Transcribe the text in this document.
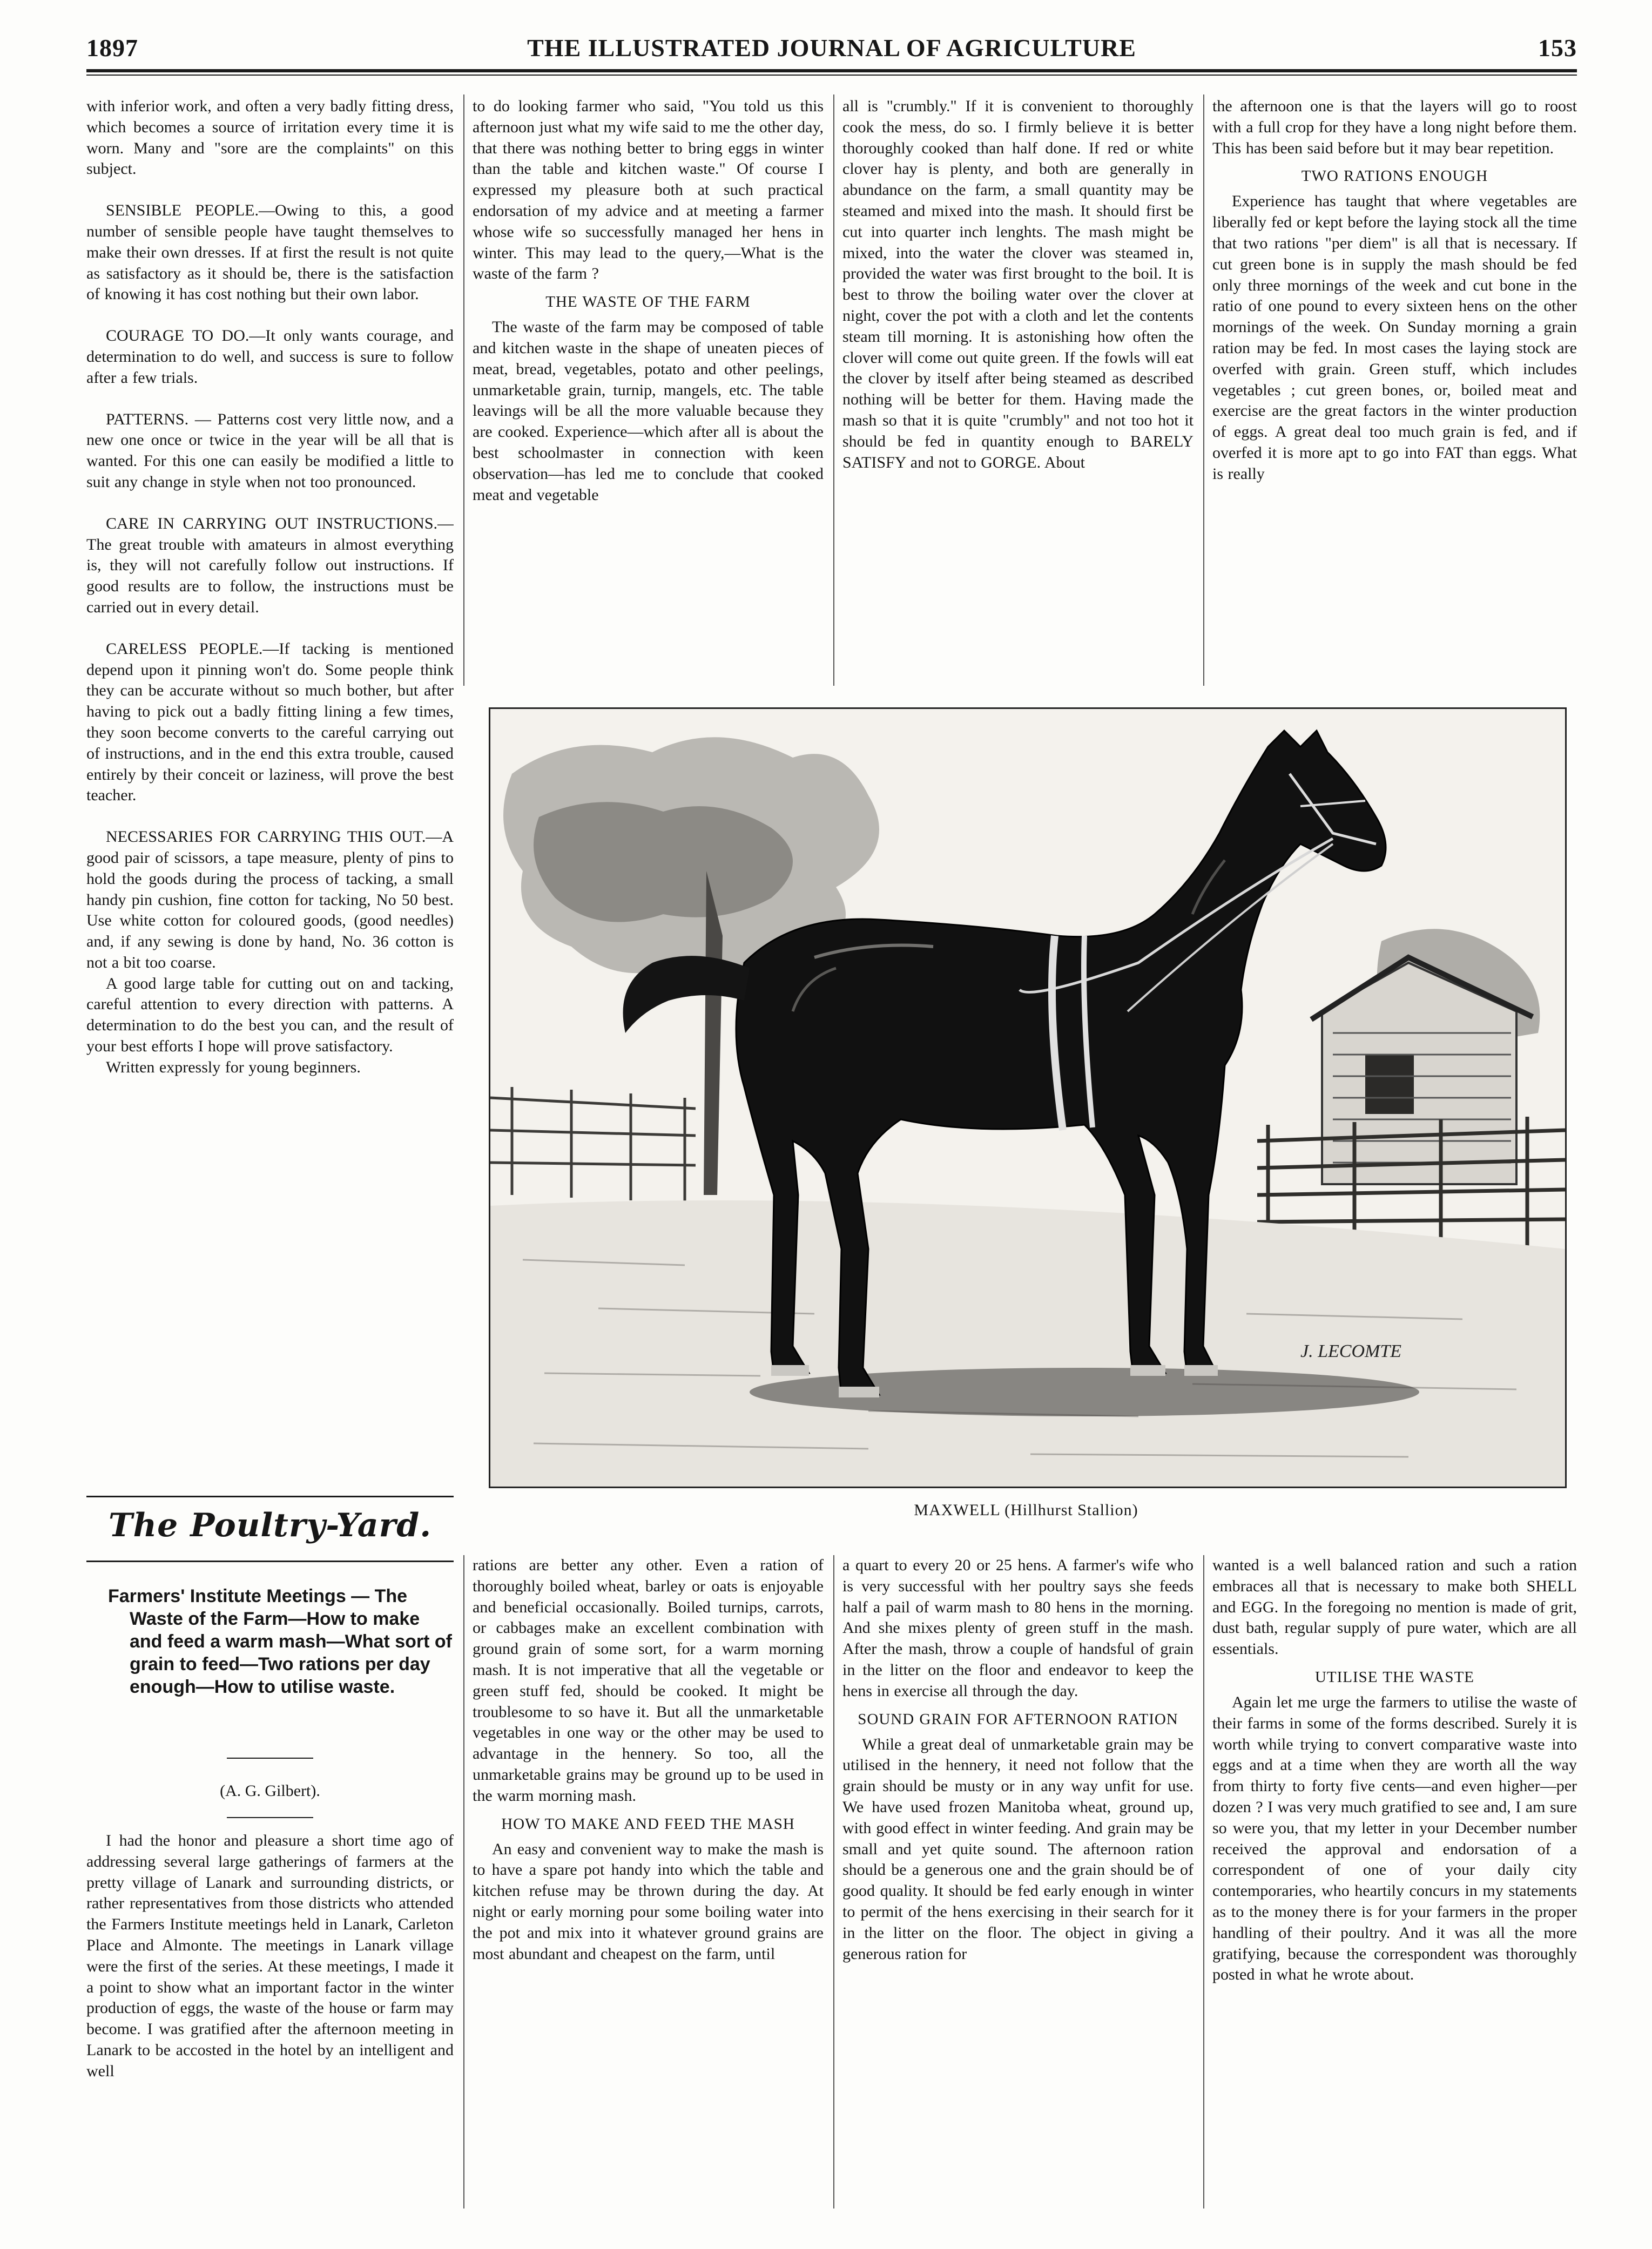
1897	THE ILLUSTRATED JOURNAL OF AGRICULTURE	153

with inferior work, and often a very badly fitting dress, which becomes a source of irritation every time it is worn. Many and "sore are the complaints" on this subject.

SENSIBLE PEOPLE.—Owing to this, a good number of sensible people have taught themselves to make their own dresses. If at first the result is not quite as satisfactory as it should be, there is the satisfaction of knowing it has cost nothing but their own labor.

COURAGE TO DO.—It only wants courage, and determination to do well, and success is sure to follow after a few trials.

PATTERNS. — Patterns cost very little now, and a new one once or twice in the year will be all that is wanted. For this one can easily be modified a little to suit any change in style when not too pronounced.

CARE IN CARRYING OUT INSTRUCTIONS.—The great trouble with amateurs in almost everything is, they will not carefully follow out instructions. If good results are to follow, the instructions must be carried out in every detail.

CARELESS PEOPLE.—If tacking is mentioned depend upon it pinning won't do. Some people think they can be accurate without so much bother, but after having to pick out a badly fitting lining a few times, they soon become converts to the careful carrying out of instructions, and in the end this extra trouble, caused entirely by their conceit or laziness, will prove the best teacher.

NECESSARIES FOR CARRYING THIS OUT.—A good pair of scissors, a tape measure, plenty of pins to hold the goods during the process of tacking, a small handy pin cushion, fine cotton for tacking, No 50 best. Use white cotton for coloured goods, (good needles) and, if any sewing is done by hand, No. 36 cotton is not a bit too coarse.

A good large table for cutting out on and tacking, careful attention to every direction with patterns. A determination to do the best you can, and the result of your best efforts I hope will prove satisfactory.

Written expressly for young beginners.

to do looking farmer who said, "You told us this afternoon just what my wife said to me the other day, that there was nothing better to bring eggs in winter than the table and kitchen waste." Of course I expressed my pleasure both at such practical endorsation of my advice and at meeting a farmer whose wife so successfully managed her hens in winter. This may lead to the query,—What is the waste of the farm ?

THE WASTE OF THE FARM

The waste of the farm may be composed of table and kitchen waste in the shape of uneaten pieces of meat, bread, vegetables, potato and other peelings, unmarketable grain, turnip, mangels, etc. The table leavings will be all the more valuable because they are cooked. Experience—which after all is about the best schoolmaster in connection with keen observation—has led me to conclude that cooked meat and vegetable

all is "crumbly." If it is convenient to thoroughly cook the mess, do so. I firmly believe it is better thoroughly cooked than half done. If red or white clover hay is plenty, and both are generally in abundance on the farm, a small quantity may be steamed and mixed into the mash. It should first be cut into quarter inch lenghts. The mash might be mixed, into the water the clover was steamed in, provided the water was first brought to the boil. It is best to throw the boiling water over the clover at night, cover the pot with a cloth and let the contents steam till morning. It is astonishing how often the clover will come out quite green. If the fowls will eat the clover by itself after being steamed as described nothing will be better for them. Having made the mash so that it is quite "crumbly" and not too hot it should be fed in quantity enough to BARELY SATISFY and not to GORGE. About

the afternoon one is that the layers will go to roost with a full crop for they have a long night before them. This has been said before but it may bear repetition.

TWO RATIONS ENOUGH

Experience has taught that where vegetables are liberally fed or kept before the laying stock all the time that two rations "per diem" is all that is necessary. If cut green bone is in supply the mash should be fed only three mornings of the week and cut bone in the ratio of one pound to every sixteen hens on the other mornings of the week. On Sunday morning a grain ration may be fed. In most cases the laying stock are overfed with grain. Green stuff, which includes vegetables ; cut green bones, or, boiled meat and exercise are the great factors in the winter production of eggs. A great deal too much grain is fed, and if overfed it is more apt to go into FAT than eggs. What is really

J. LECOMTE
MAXWELL (Hillhurst Stallion)
The Poultry-Yard.
Farmers' Institute Meetings — The Waste of the Farm—How to make and feed a warm mash—What sort of grain to feed—Two rations per day enough—How to utilise waste.
(A. G. Gilbert).

I had the honor and pleasure a short time ago of addressing several large gatherings of farmers at the pretty village of Lanark and surrounding districts, or rather representatives from those districts who attended the Farmers Institute meetings held in Lanark, Carleton Place and Almonte. The meetings in Lanark village were the first of the series. At these meetings, I made it a point to show what an important factor in the winter production of eggs, the waste of the house or farm may become. I was gratified after the afternoon meeting in Lanark to be accosted in the hotel by an intelligent and well

rations are better any other. Even a ration of thoroughly boiled wheat, barley or oats is enjoyable and beneficial occasionally. Boiled turnips, carrots, or cabbages make an excellent combination with ground grain of some sort, for a warm morning mash. It is not imperative that all the vegetable or green stuff fed, should be cooked. It might be troublesome to so have it. But all the unmarketable vegetables in one way or the other may be used to advantage in the hennery. So too, all the unmarketable grains may be ground up to be used in the warm morning mash.

HOW TO MAKE AND FEED THE MASH

An easy and convenient way to make the mash is to have a spare pot handy into which the table and kitchen refuse may be thrown during the day. At night or early morning pour some boiling water into the pot and mix into it whatever ground grains are most abundant and cheapest on the farm, until

a quart to every 20 or 25 hens. A farmer's wife who is very successful with her poultry says she feeds half a pail of warm mash to 80 hens in the morning. And she mixes plenty of green stuff in the mash. After the mash, throw a couple of handsful of grain in the litter on the floor and endeavor to keep the hens in exercise all through the day.

SOUND GRAIN FOR AFTERNOON RATION

While a great deal of unmarketable grain may be utilised in the hennery, it need not follow that the grain should be musty or in any way unfit for use. We have used frozen Manitoba wheat, ground up, with good effect in winter feeding. And grain may be small and yet quite sound. The afternoon ration should be a generous one and the grain should be of good quality. It should be fed early enough in winter to permit of the hens exercising in their search for it in the litter on the floor. The object in giving a generous ration for

wanted is a well balanced ration and such a ration embraces all that is necessary to make both SHELL and EGG. In the foregoing no mention is made of grit, dust bath, regular supply of pure water, which are all essentials.

UTILISE THE WASTE

Again let me urge the farmers to utilise the waste of their farms in some of the forms described. Surely it is worth while trying to convert comparative waste into eggs and at a time when they are worth all the way from thirty to forty five cents—and even higher—per dozen ? I was very much gratified to see and, I am sure so were you, that my letter in your December number received the approval and endorsation of a correspondent of one of your daily city contemporaries, who heartily concurs in my statements as to the money there is for your farmers in the proper handling of their poultry. And it was all the more gratifying, because the correspondent was thoroughly posted in what he wrote about.
